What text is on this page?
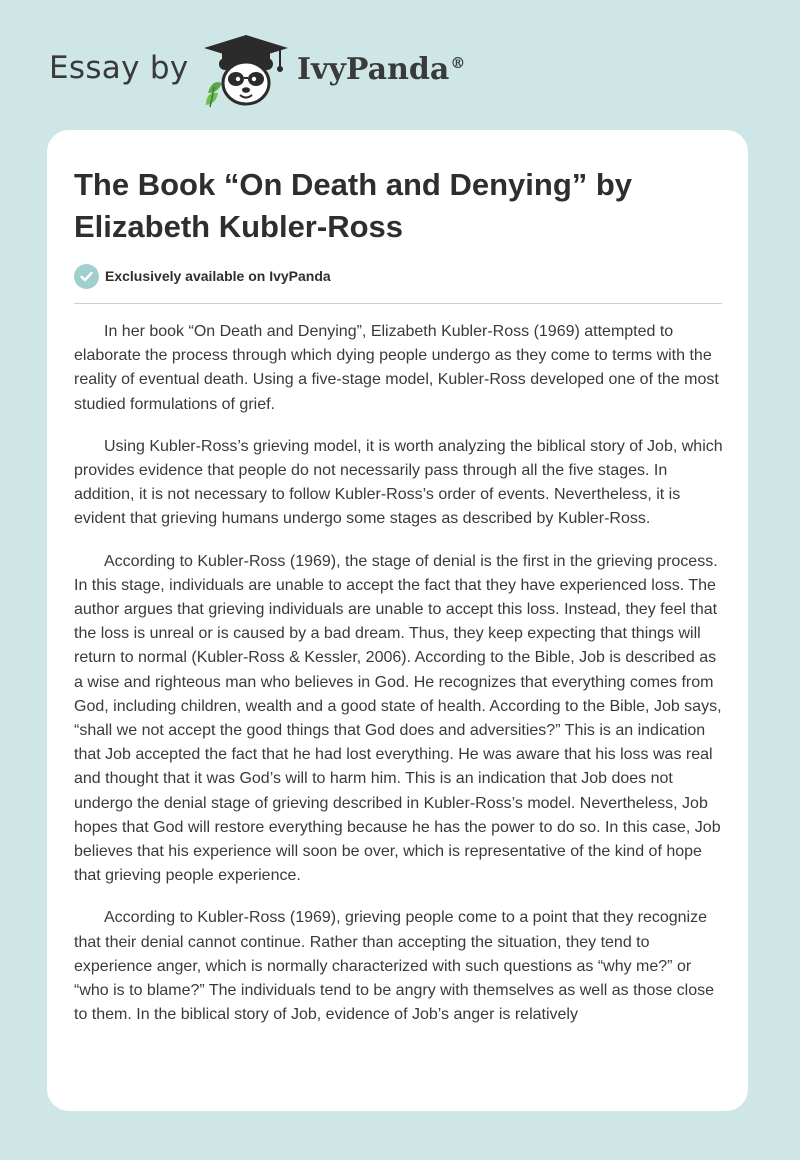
Essay by	IvyPanda®
The Book “On Death and Denying” by Elizabeth Kubler-Ross
Exclusively available on IvyPanda

In her book “On Death and Denying”, Elizabeth Kubler-Ross (1969) attempted to elaborate the process through which dying people undergo as they come to terms with the reality of eventual death. Using a five-stage model, Kubler-Ross developed one of the most studied formulations of grief.

Using Kubler-Ross’s grieving model, it is worth analyzing the biblical story of Job, which provides evidence that people do not necessarily pass through all the five stages. In addition, it is not necessary to follow Kubler-Ross’s order of events. Nevertheless, it is evident that grieving humans undergo some stages as described by Kubler-Ross.

According to Kubler-Ross (1969), the stage of denial is the first in the grieving process. In this stage, individuals are unable to accept the fact that they have experienced loss. The author argues that grieving individuals are unable to accept this loss. Instead, they feel that the loss is unreal or is caused by a bad dream. Thus, they keep expecting that things will return to normal (Kubler-Ross & Kessler, 2006). According to the Bible, Job is described as a wise and righteous man who believes in God. He recognizes that everything comes from God, including children, wealth and a good state of health. According to the Bible, Job says, “shall we not accept the good things that God does and adversities?” This is an indication that Job accepted the fact that he had lost everything. He was aware that his loss was real and thought that it was God’s will to harm him. This is an indication that Job does not undergo the denial stage of grieving described in Kubler-Ross’s model. Nevertheless, Job hopes that God will restore everything because he has the power to do so. In this case, Job believes that his experience will soon be over, which is representative of the kind of hope that grieving people experience.

According to Kubler-Ross (1969), grieving people come to a point that they recognize that their denial cannot continue. Rather than accepting the situation, they tend to experience anger, which is normally characterized with such questions as “why me?” or “who is to blame?” The individuals tend to be angry with themselves as well as those close to them. In the biblical story of Job, evidence of Job’s anger is relatively
